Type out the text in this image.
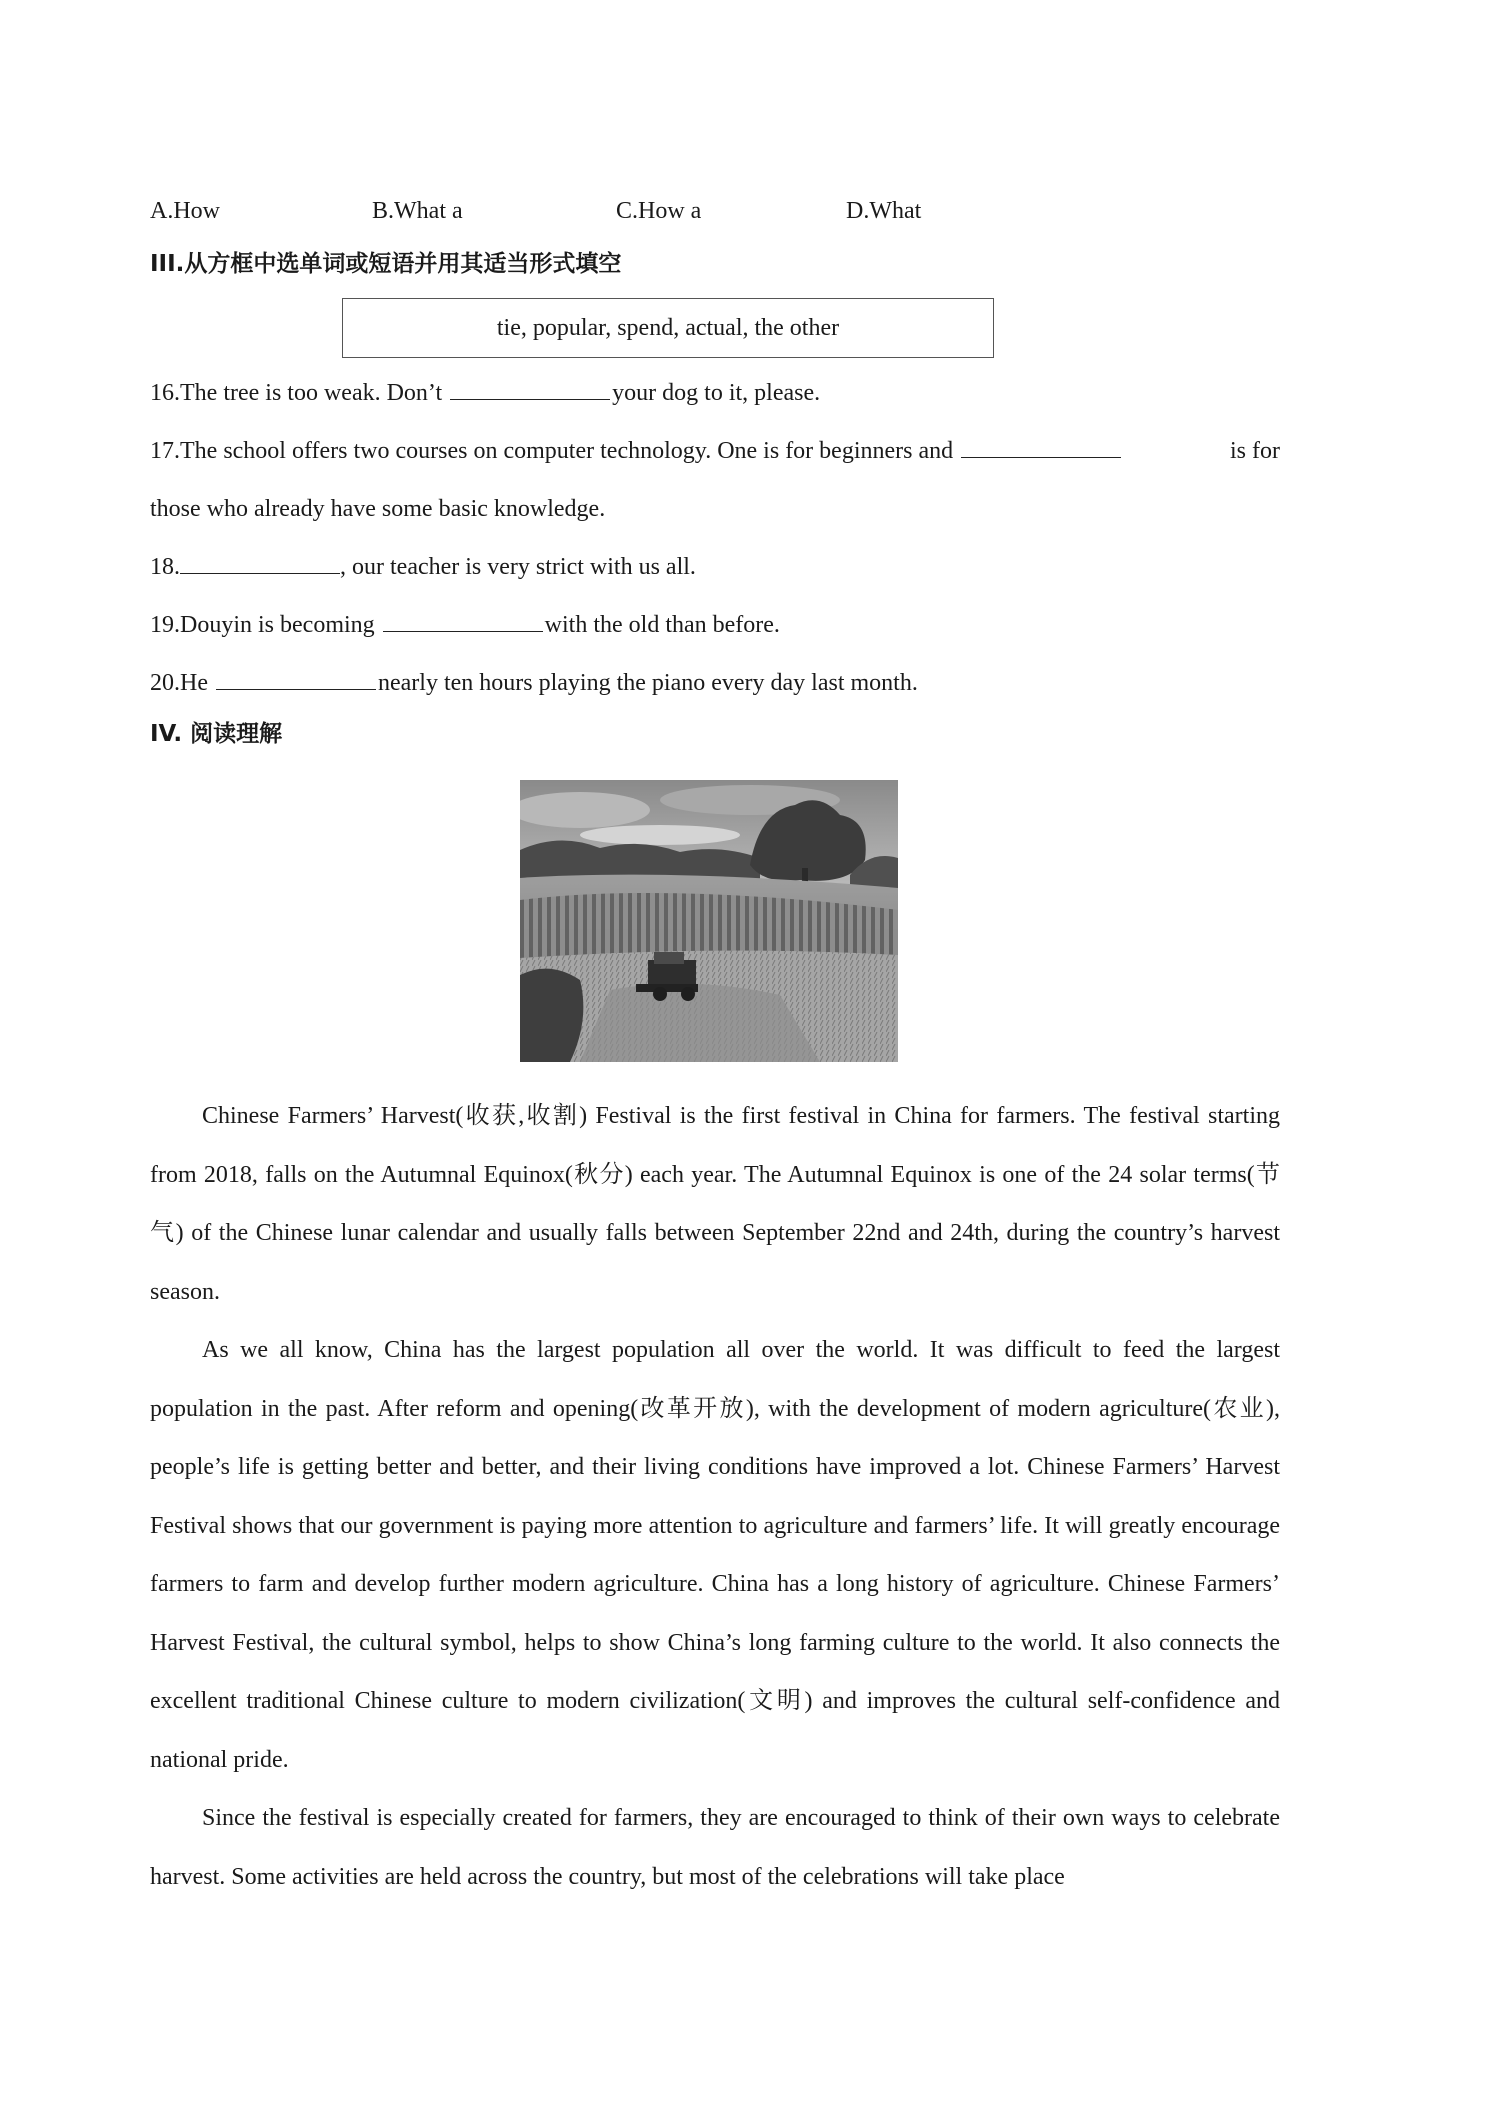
A.How	B.What a	C.How a	D.What
III.从方框中选单词或短语并用其适当形式填空
tie, popular, spend, actual, the other
16.The tree is too weak. Don’t	your dog to it, please.
17.The school offers two courses on computer technology. One is for beginners and	is for
those who already have some basic knowledge.
18.	, our teacher is very strict with us all.
19.Douyin is becoming	with the old than before.
20.He	nearly ten hours playing the piano every day last month.
IV. 阅读理解
Chinese Farmers’ Harvest(收获,收割) Festival is the first festival in China for farmers. The festival starting from 2018, falls on the Autumnal Equinox(秋分) each year. The Autumnal Equinox is one of the 24 solar terms(节气) of the Chinese lunar calendar and usually falls between September 22nd and 24th, during the country’s harvest season.
As we all know, China has the largest population all over the world. It was difficult to feed the largest population in the past. After reform and opening(改革开放), with the development of modern agriculture(农业), people’s life is getting better and better, and their living conditions have improved a lot. Chinese Farmers’ Harvest Festival shows that our government is paying more attention to agriculture and farmers’ life. It will greatly encourage farmers to farm and develop further modern agriculture. China has a long history of agriculture. Chinese Farmers’ Harvest Festival, the cultural symbol, helps to show China’s long farming culture to the world. It also connects the excellent traditional Chinese culture to modern civilization(文明) and improves the cultural self-confidence and national pride.
Since the festival is especially created for farmers, they are encouraged to think of their own ways to celebrate harvest. Some activities are held across the country, but most of the celebrations will take place
